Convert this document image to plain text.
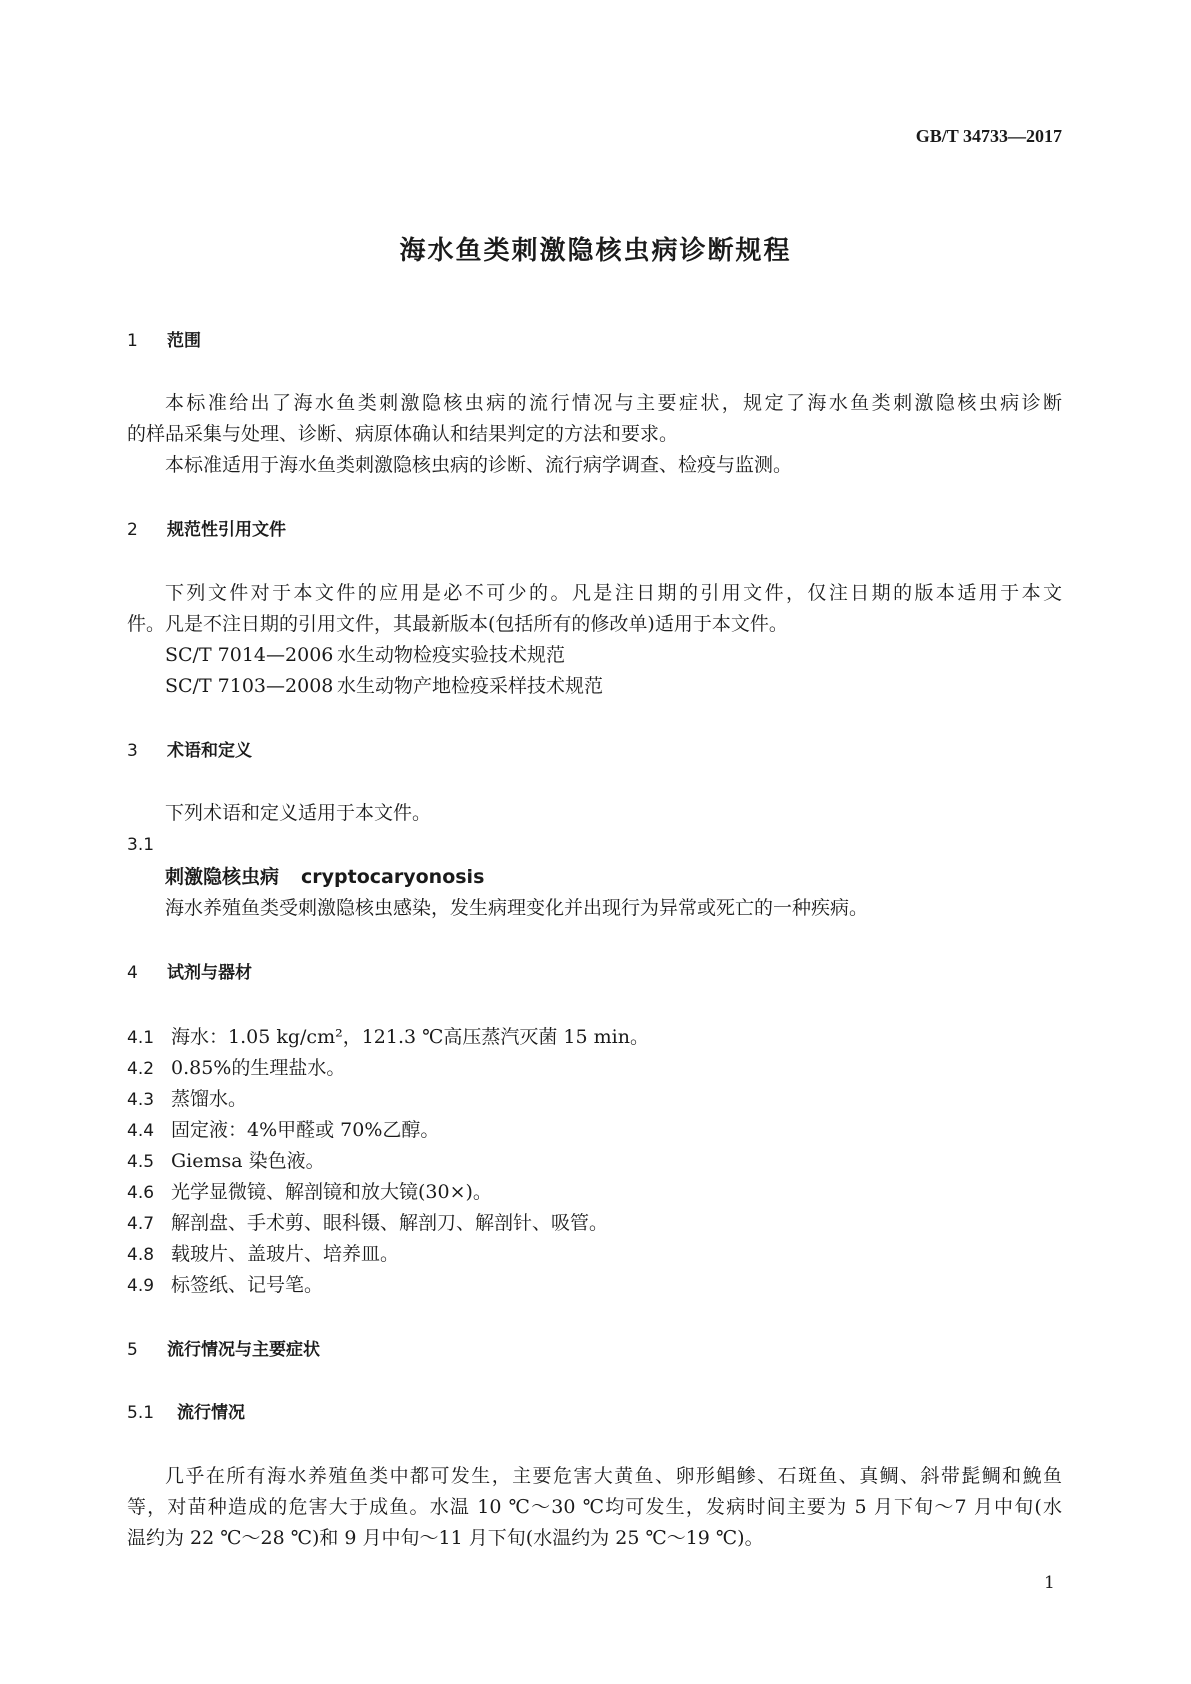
GB/T 34733—2017
海水鱼类刺激隐核虫病诊断规程
1 范围
本标准给出了海水鱼类刺激隐核虫病的流行情况与主要症状，规定了海水鱼类刺激隐核虫病诊断
的样品采集与处理、诊断、病原体确认和结果判定的方法和要求。
本标准适用于海水鱼类刺激隐核虫病的诊断、流行病学调查、检疫与监测。
2 规范性引用文件
下列文件对于本文件的应用是必不可少的。凡是注日期的引用文件，仅注日期的版本适用于本文
件。凡是不注日期的引用文件，其最新版本(包括所有的修改单)适用于本文件。
SC/T 7014—2006 水生动物检疫实验技术规范
SC/T 7103—2008 水生动物产地检疫采样技术规范
3 术语和定义
下列术语和定义适用于本文件。
3.1
刺激隐核虫病 cryptocaryonosis
海水养殖鱼类受刺激隐核虫感染，发生病理变化并出现行为异常或死亡的一种疾病。
4 试剂与器材
4.1 海水：1.05 kg/cm²，121.3 ℃高压蒸汽灭菌 15 min。
4.2 0.85%的生理盐水。
4.3 蒸馏水。
4.4 固定液：4%甲醛或 70%乙醇。
4.5 Giemsa 染色液。
4.6 光学显微镜、解剖镜和放大镜(30×)。
4.7 解剖盘、手术剪、眼科镊、解剖刀、解剖针、吸管。
4.8 载玻片、盖玻片、培养皿。
4.9 标签纸、记号笔。
5 流行情况与主要症状
5.1 流行情况
几乎在所有海水养殖鱼类中都可发生，主要危害大黄鱼、卵形鲳鲹、石斑鱼、真鲷、斜带髭鲷和鮸鱼
等，对苗种造成的危害大于成鱼。水温 10 ℃～30 ℃均可发生，发病时间主要为 5 月下旬～7 月中旬(水
温约为 22 ℃～28 ℃)和 9 月中旬～11 月下旬(水温约为 25 ℃～19 ℃)。
1
